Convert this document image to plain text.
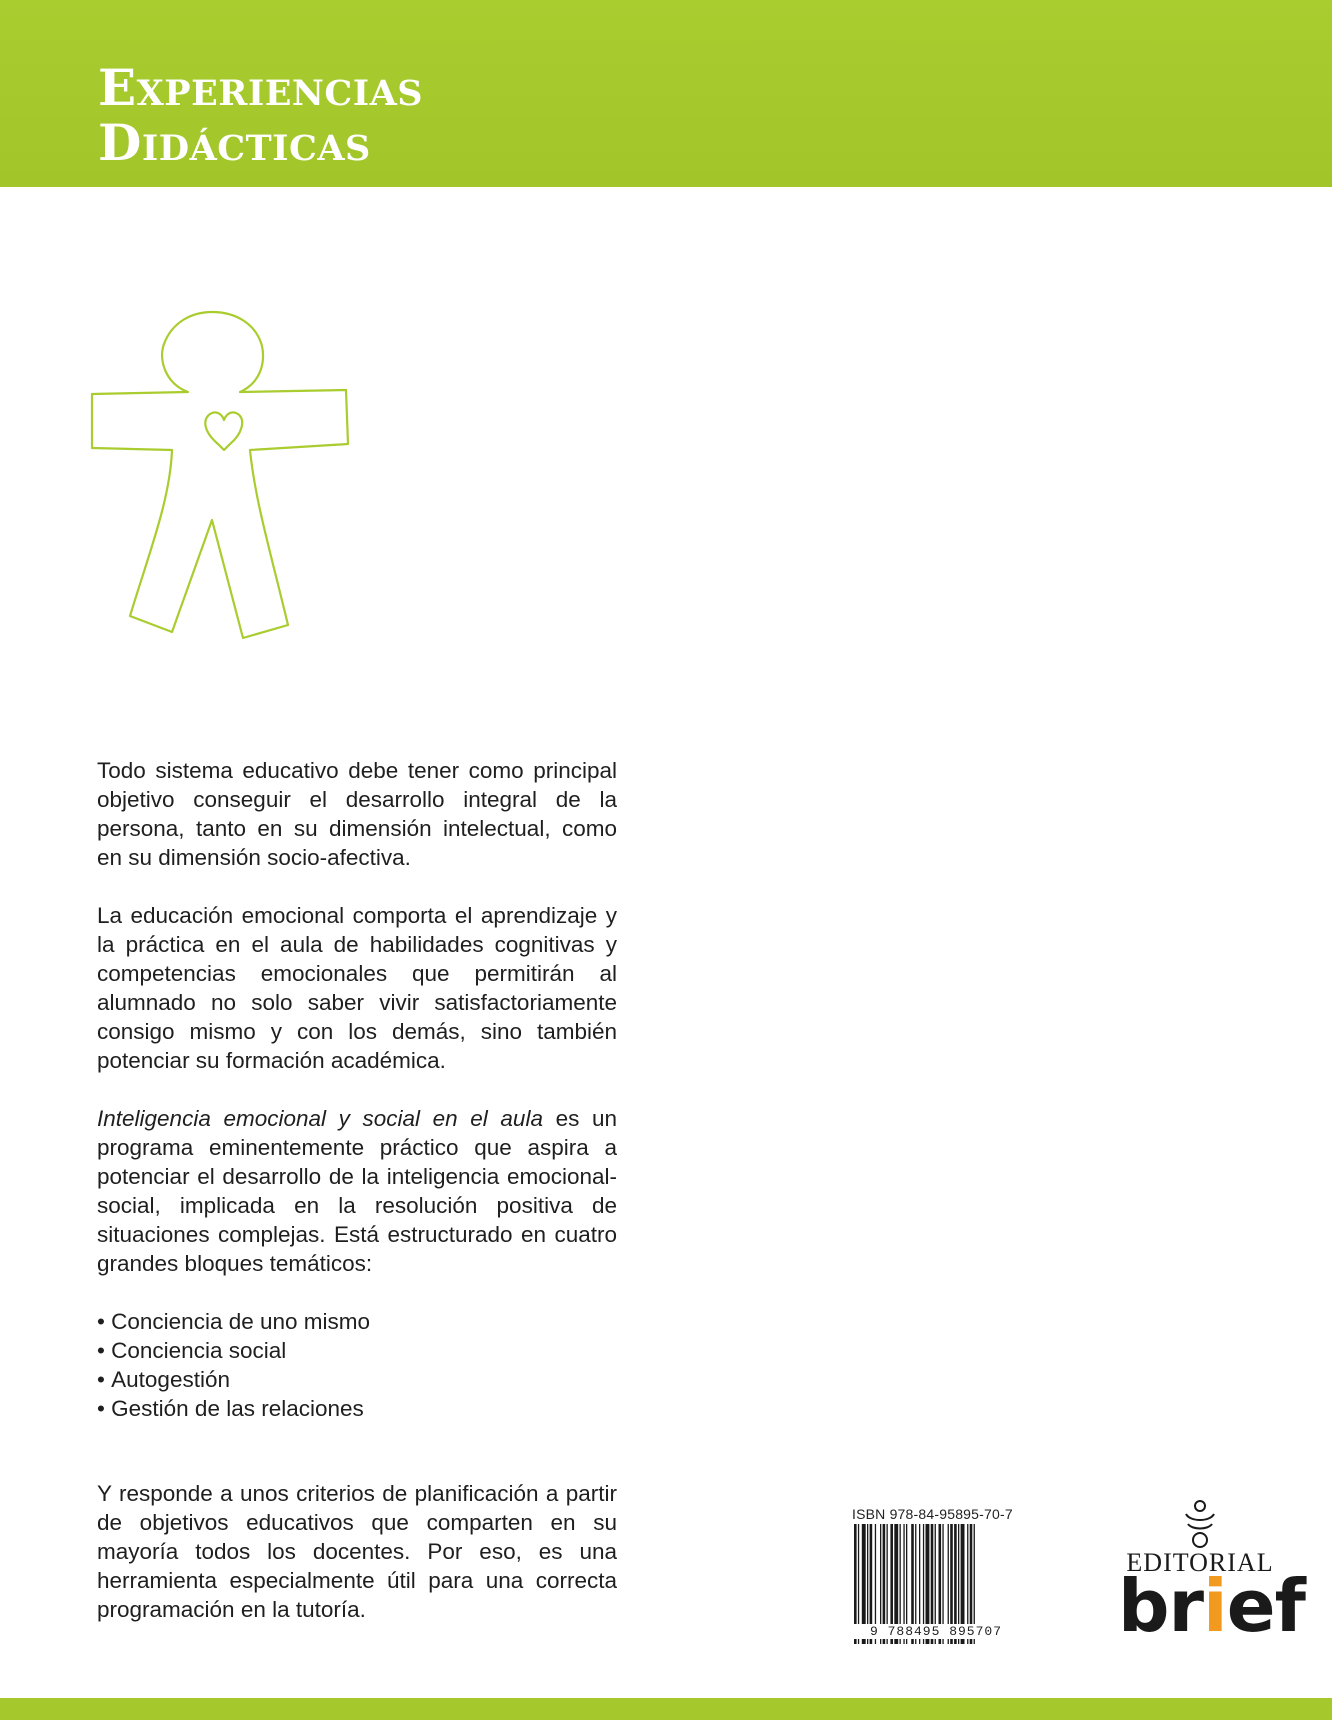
Experiencias
Didácticas

Todo sistema educativo debe tener como principal objetivo conseguir el desarrollo integral de la persona, tanto en su dimensión intelectual, como en su dimensión socio-afectiva.

La educación emocional comporta el aprendizaje y la práctica en el aula de habilidades cognitivas y competencias emocionales que permitirán al alumnado no solo saber vivir satisfactoriamente consigo mismo y con los demás, sino también potenciar su formación académica.

Inteligencia emocional y social en el aula es un programa eminentemente práctico que aspira a potenciar el desarrollo de la inteligencia emocional-social, implicada en la resolución positiva de situaciones complejas. Está estructurado en cuatro grandes bloques temáticos:

• Conciencia de uno mismo
• Conciencia social
• Autogestión
• Gestión de las relaciones

Y responde a unos criterios de planificación a partir de objetivos educativos que comparten en su mayoría todos los docentes. Por eso, es una herramienta especialmente útil para una correcta programación en la tutoría.

ISBN 978-84-95895-70-7
9 788495 895707
EDITORIAL
brief
